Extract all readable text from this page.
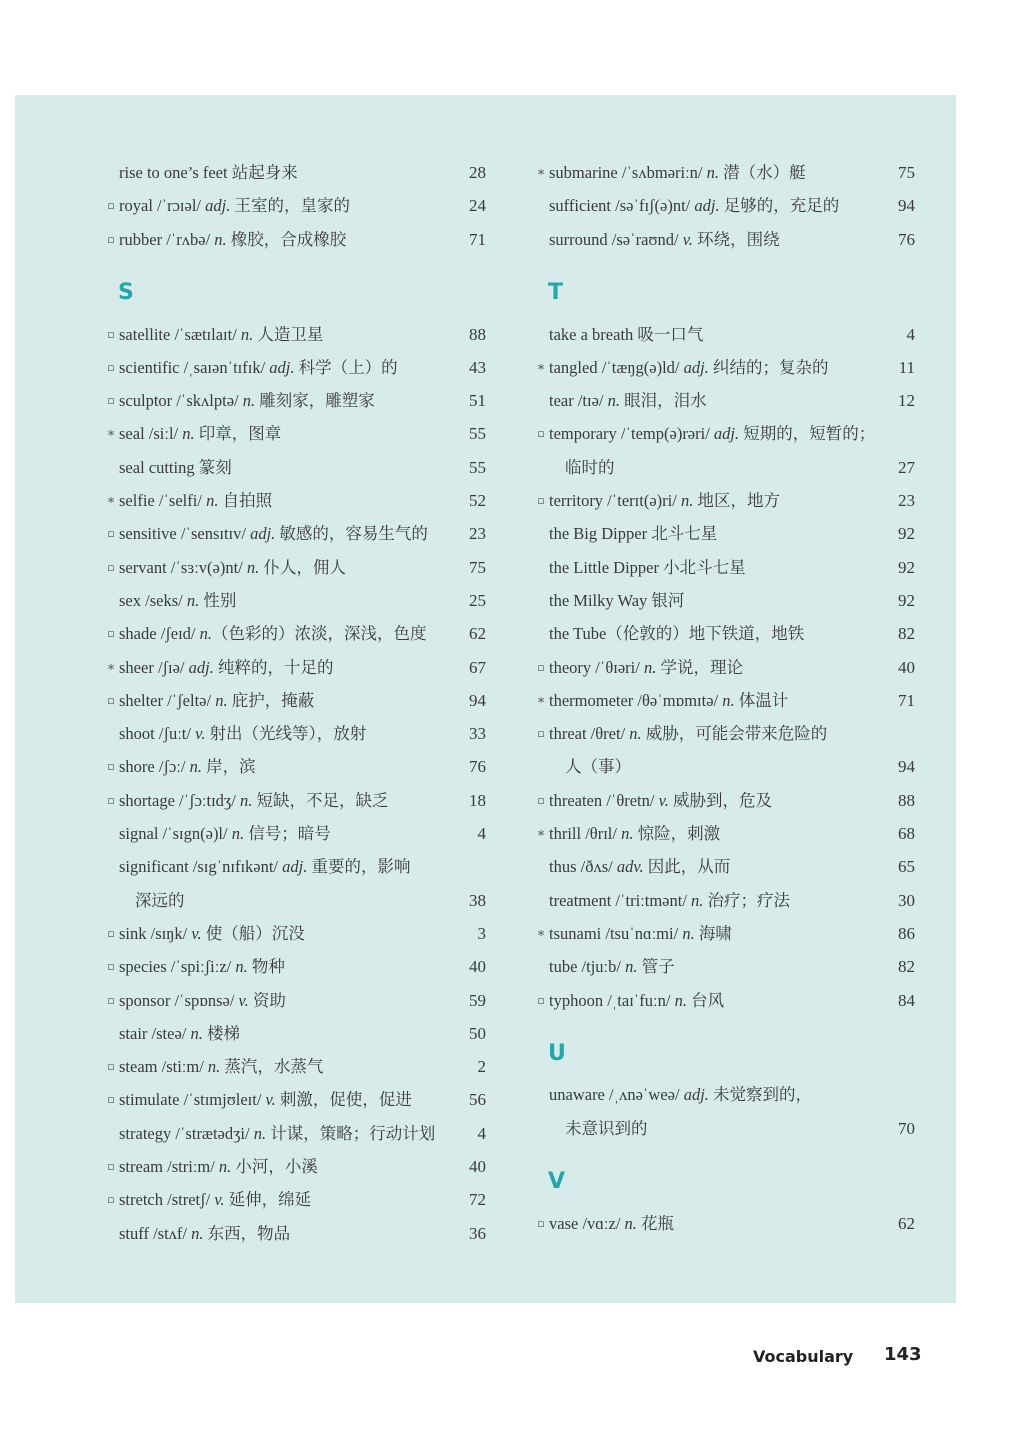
rise to one’s feet 站起身来	28
▫ royal /ˈrɔɪəl/ adj. 王室的，皇家的	24
▫ rubber /ˈrʌbə/ n. 橡胶，合成橡胶	71
S
▫ satellite /ˈsætɪlaɪt/ n. 人造卫星	88
▫ scientific /ˌsaɪənˈtɪfɪk/ adj. 科学（上）的	43
▫ sculptor /ˈskʌlptə/ n. 雕刻家，雕塑家	51
∗ seal /siːl/ n. 印章，图章	55
seal cutting 篆刻	55
∗ selfie /ˈselfi/ n. 自拍照	52
▫ sensitive /ˈsensɪtɪv/ adj. 敏感的，容易生气的	23
▫ servant /ˈsɜːv(ə)nt/ n. 仆人，佣人	75
sex /seks/ n. 性别	25
▫ shade /ʃeɪd/ n.（色彩的）浓淡，深浅，色度	62
∗ sheer /ʃɪə/ adj. 纯粹的，十足的	67
▫ shelter /ˈʃeltə/ n. 庇护，掩蔽	94
shoot /ʃuːt/ v. 射出（光线等），放射	33
▫ shore /ʃɔː/ n. 岸，滨	76
▫ shortage /ˈʃɔːtɪdʒ/ n. 短缺，不足，缺乏	18
signal /ˈsɪgn(ə)l/ n. 信号；暗号	4
significant /sɪgˈnɪfɪkənt/ adj. 重要的，影响
深远的	38
▫ sink /sɪŋk/ v. 使（船）沉没	3
▫ species /ˈspiːʃiːz/ n. 物种	40
▫ sponsor /ˈspɒnsə/ v. 资助	59
stair /steə/ n. 楼梯	50
▫ steam /stiːm/ n. 蒸汽，水蒸气	2
▫ stimulate /ˈstɪmjʊleɪt/ v. 刺激，促使，促进	56
strategy /ˈstrætədʒi/ n. 计谋，策略；行动计划	4
▫ stream /striːm/ n. 小河，小溪	40
▫ stretch /stretʃ/ v. 延伸，绵延	72
stuff /stʌf/ n. 东西，物品	36
∗ submarine /ˈsʌbməriːn/ n. 潜（水）艇	75
sufficient /səˈfɪʃ(ə)nt/ adj. 足够的，充足的	94
surround /səˈraʊnd/ v. 环绕，围绕	76
T
take a breath 吸一口气	4
∗ tangled /ˈtæŋg(ə)ld/ adj. 纠结的；复杂的	11
tear /tɪə/ n. 眼泪，泪水	12
▫ temporary /ˈtemp(ə)rəri/ adj. 短期的，短暂的；
临时的	27
▫ territory /ˈterɪt(ə)ri/ n. 地区，地方	23
the Big Dipper 北斗七星	92
the Little Dipper 小北斗七星	92
the Milky Way 银河	92
the Tube（伦敦的）地下铁道，地铁	82
▫ theory /ˈθɪəri/ n. 学说，理论	40
∗ thermometer /θəˈmɒmɪtə/ n. 体温计	71
▫ threat /θret/ n. 威胁，可能会带来危险的
人（事）	94
▫ threaten /ˈθretn/ v. 威胁到，危及	88
∗ thrill /θrɪl/ n. 惊险，刺激	68
thus /ðʌs/ adv. 因此，从而	65
treatment /ˈtriːtmənt/ n. 治疗；疗法	30
∗ tsunami /tsuˈnɑːmi/ n. 海啸	86
tube /tjuːb/ n. 管子	82
▫ typhoon /ˌtaɪˈfuːn/ n. 台风	84
U
unaware /ˌʌnəˈweə/ adj. 未觉察到的，
未意识到的	70
V
▫ vase /vɑːz/ n. 花瓶	62
Vocabulary 143
